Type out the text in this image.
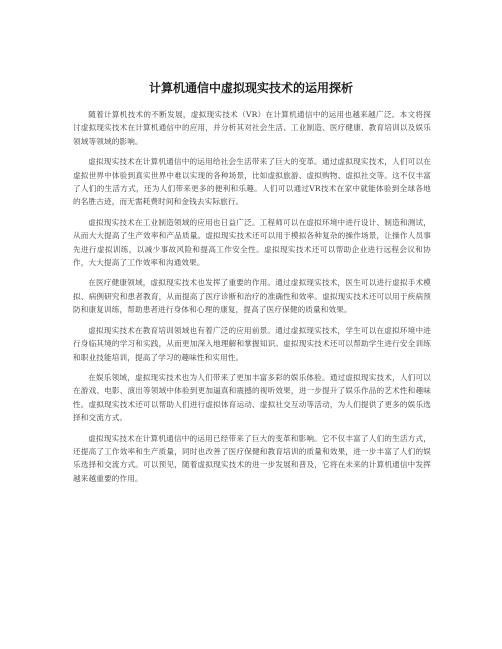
计算机通信中虚拟现实技术的运用探析

随着计算机技术的不断发展，虚拟现实技术（VR）在计算机通信中的运用也越来越广泛。本文将探讨虚拟现实技术在计算机通信中的应用，并分析其对社会生活、工业制造、医疗健康、教育培训以及娱乐领域等领域的影响。

虚拟现实技术在计算机通信中的运用给社会生活带来了巨大的变革。通过虚拟现实技术，人们可以在虚拟世界中体验到真实世界中难以实现的各种场景，比如虚拟旅游、虚拟购物、虚拟社交等。这不仅丰富了人们的生活方式，还为人们带来更多的便利和乐趣。人们可以通过VR技术在家中就能体验到全球各地的名胜古迹，而无需耗费时间和金钱去实际旅行。

虚拟现实技术在工业制造领域的应用也日益广泛。工程师可以在虚拟环境中进行设计、制造和测试，从而大大提高了生产效率和产品质量。虚拟现实技术还可以用于模拟各种复杂的操作场景，让操作人员事先进行虚拟训练，以减少事故风险和提高工作安全性。虚拟现实技术还可以帮助企业进行远程会议和协作，大大提高了工作效率和沟通效果。

在医疗健康领域，虚拟现实技术也发挥了重要的作用。通过虚拟现实技术，医生可以进行虚拟手术模拟、病例研究和患者教育，从而提高了医疗诊断和治疗的准确性和效率。虚拟现实技术还可以用于疾病预防和康复训练，帮助患者进行身体和心理的康复，提高了医疗保健的质量和效果。

虚拟现实技术在教育培训领域也有着广泛的应用前景。通过虚拟现实技术，学生可以在虚拟环境中进行身临其境的学习和实践，从而更加深入地理解和掌握知识。虚拟现实技术还可以帮助学生进行安全训练和职业技能培训，提高了学习的趣味性和实用性。

在娱乐领域，虚拟现实技术也为人们带来了更加丰富多彩的娱乐体验。通过虚拟现实技术，人们可以在游戏、电影、演出等领域中体验到更加逼真和震撼的视听效果，进一步提升了娱乐作品的艺术性和趣味性。虚拟现实技术还可以帮助人们进行虚拟体育运动、虚拟社交互动等活动，为人们提供了更多的娱乐选择和交流方式。

虚拟现实技术在计算机通信中的运用已经带来了巨大的变革和影响。它不仅丰富了人们的生活方式，还提高了工作效率和生产质量，同时也改善了医疗保健和教育培训的质量和效果，进一步丰富了人们的娱乐选择和交流方式。可以预见，随着虚拟现实技术的进一步发展和普及，它将在未来的计算机通信中发挥越来越重要的作用。
